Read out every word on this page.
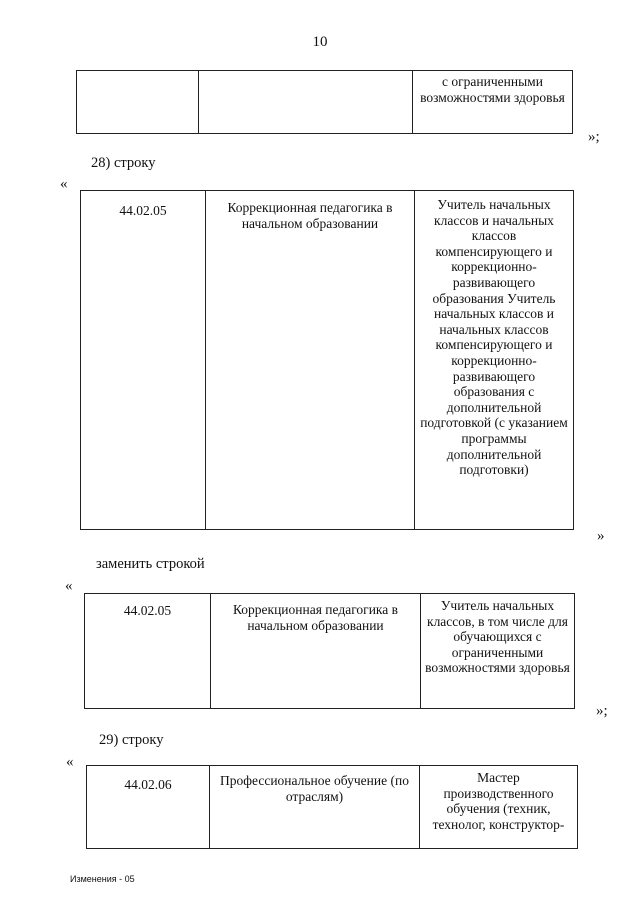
10
		с ограниченными возможностями здоровья
»;
28) строку
«
44.02.05	Коррекционная педагогика в начальном образовании	Учитель начальных классов и начальных классов компенсирующего и коррекционно-развивающего образования Учитель начальных классов и начальных классов компенсирующего и коррекционно-развивающего образования с дополнительной подготовкой (с указанием программы дополнительной подготовки)
»
заменить строкой
«
44.02.05	Коррекционная педагогика в начальном образовании	Учитель начальных классов, в том числе для обучающихся с ограниченными возможностями здоровья
»;
29) строку
«
44.02.06	Профессиональное обучение (по отраслям)	Мастер производственного обучения (техник, технолог, конструктор-
Изменения - 05
